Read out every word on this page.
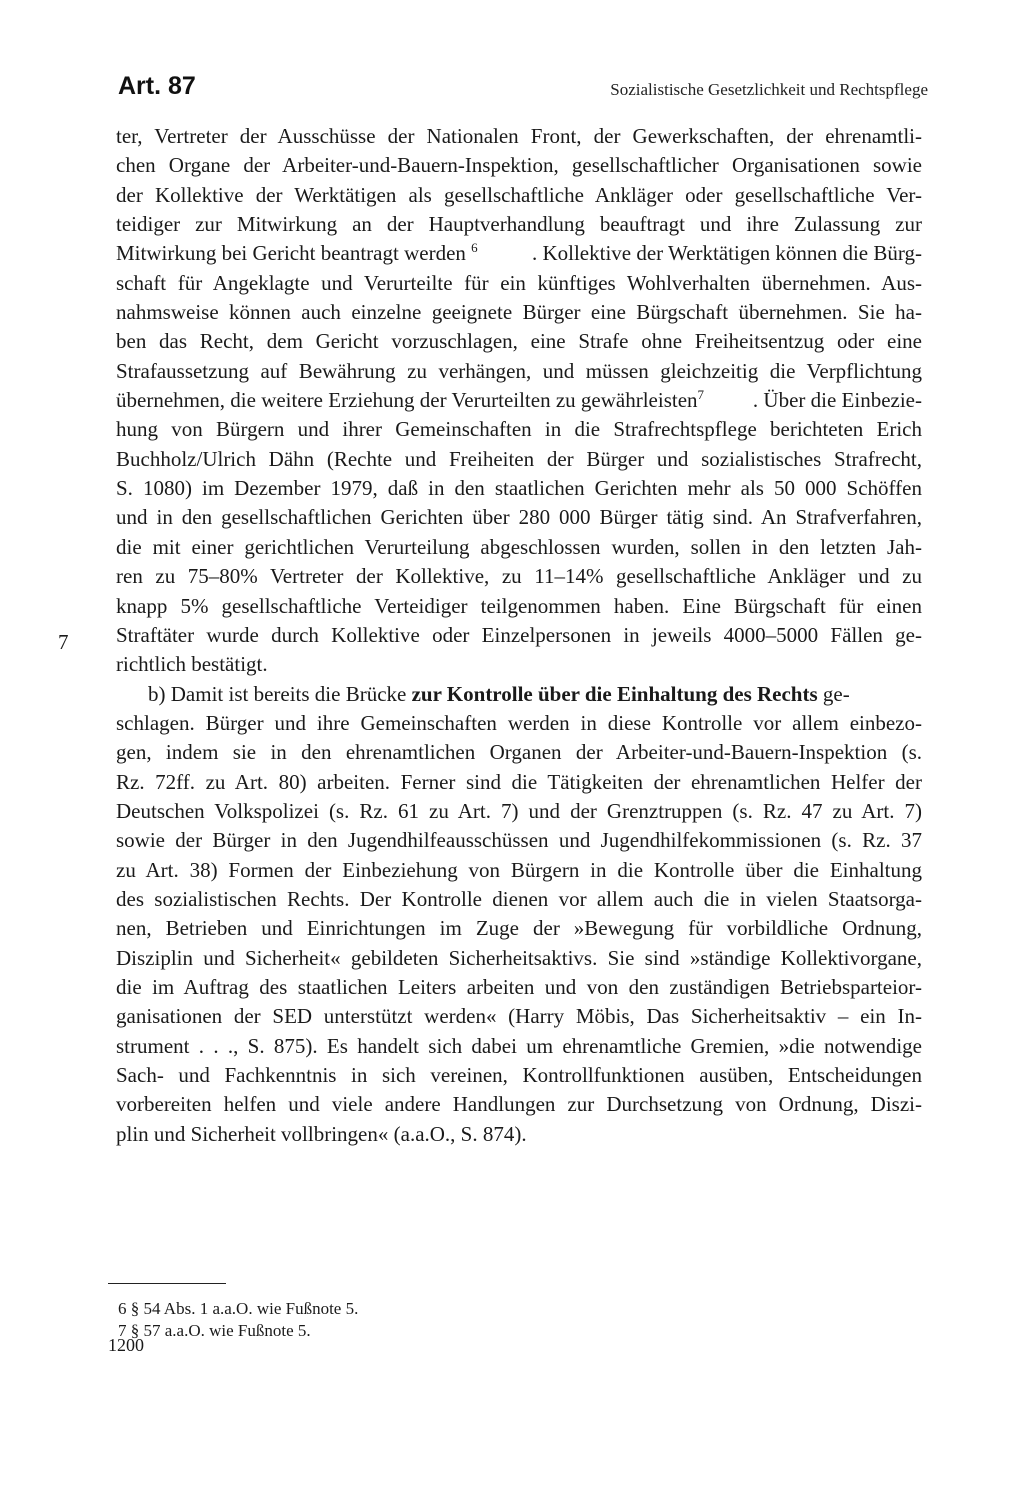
Art. 87	Sozialistische Gesetzlichkeit und Rechtspflege
7
ter, Vertreter der Ausschüsse der Nationalen Front, der Gewerkschaften, der ehrenamtli-
chen Organe der Arbeiter-und-Bauern-Inspektion, gesellschaftlicher Organisationen sowie
der Kollektive der Werktätigen als gesellschaftliche Ankläger oder gesellschaftliche Ver-
teidiger zur Mitwirkung an der Hauptverhandlung beauftragt und ihre Zulassung zur
Mitwirkung bei Gericht beantragt werden $^6$	. Kollektive der Werktätigen können die Bürg-
schaft für Angeklagte und Verurteilte für ein künftiges Wohlverhalten übernehmen. Aus-
nahmsweise können auch einzelne geeignete Bürger eine Bürgschaft übernehmen. Sie ha-
ben das Recht, dem Gericht vorzuschlagen, eine Strafe ohne Freiheitsentzug oder eine
Strafaussetzung auf Bewährung zu verhängen, und müssen gleichzeitig die Verpflichtung
übernehmen, die weitere Erziehung der Verurteilten zu gewährleisten$^7$ . Über die Einbezie-
hung von Bürgern und ihrer Gemeinschaften in die Strafrechtspflege berichteten Erich
Buchholz/Ulrich Dähn (Rechte und Freiheiten der Bürger und sozialistisches Strafrecht,
S. 1080) im Dezember 1979, daß in den staatlichen Gerichten mehr als 50 000 Schöffen
und in den gesellschaftlichen Gerichten über 280 000 Bürger tätig sind. An Strafverfahren,
die mit einer gerichtlichen Verurteilung abgeschlossen wurden, sollen in den letzten Jah-
ren zu 75–80% Vertreter der Kollektive, zu 11–14% gesellschaftliche Ankläger und zu
knapp 5% gesellschaftliche Verteidiger teilgenommen haben. Eine Bürgschaft für einen
Straftäter wurde durch Kollektive oder Einzelpersonen in jeweils 4000–5000 Fällen ge-
richtlich bestätigt.
b) Damit ist bereits die Brücke zur Kontrolle über die Einhaltung des Rechts ge-
schlagen. Bürger und ihre Gemeinschaften werden in diese Kontrolle vor allem einbezo-
gen, indem sie in den ehrenamtlichen Organen der Arbeiter-und-Bauern-Inspektion (s.
Rz. 72ff. zu Art. 80) arbeiten. Ferner sind die Tätigkeiten der ehrenamtlichen Helfer der
Deutschen Volkspolizei (s. Rz. 61 zu Art. 7) und der Grenztruppen (s. Rz. 47 zu Art. 7)
sowie der Bürger in den Jugendhilfeausschüssen und Jugendhilfekommissionen (s. Rz. 37
zu Art. 38) Formen der Einbeziehung von Bürgern in die Kontrolle über die Einhaltung
des sozialistischen Rechts. Der Kontrolle dienen vor allem auch die in vielen Staatsorga-
nen, Betrieben und Einrichtungen im Zuge der »Bewegung für vorbildliche Ordnung,
Disziplin und Sicherheit« gebildeten Sicherheitsaktivs. Sie sind »ständige Kollektivorgane,
die im Auftrag des staatlichen Leiters arbeiten und von den zuständigen Betriebsparteior-
ganisationen der SED unterstützt werden« (Harry Möbis, Das Sicherheitsaktiv – ein In-
strument . . ., S. 875). Es handelt sich dabei um ehrenamtliche Gremien, »die notwendige
Sach- und Fachkenntnis in sich vereinen, Kontrollfunktionen ausüben, Entscheidungen
vorbereiten helfen und viele andere Handlungen zur Durchsetzung von Ordnung, Diszi-
plin und Sicherheit vollbringen« (a.a.O., S. 874).
6 § 54 Abs. 1 a.a.O. wie Fußnote 5.
7 § 57 a.a.O. wie Fußnote 5.
1200
